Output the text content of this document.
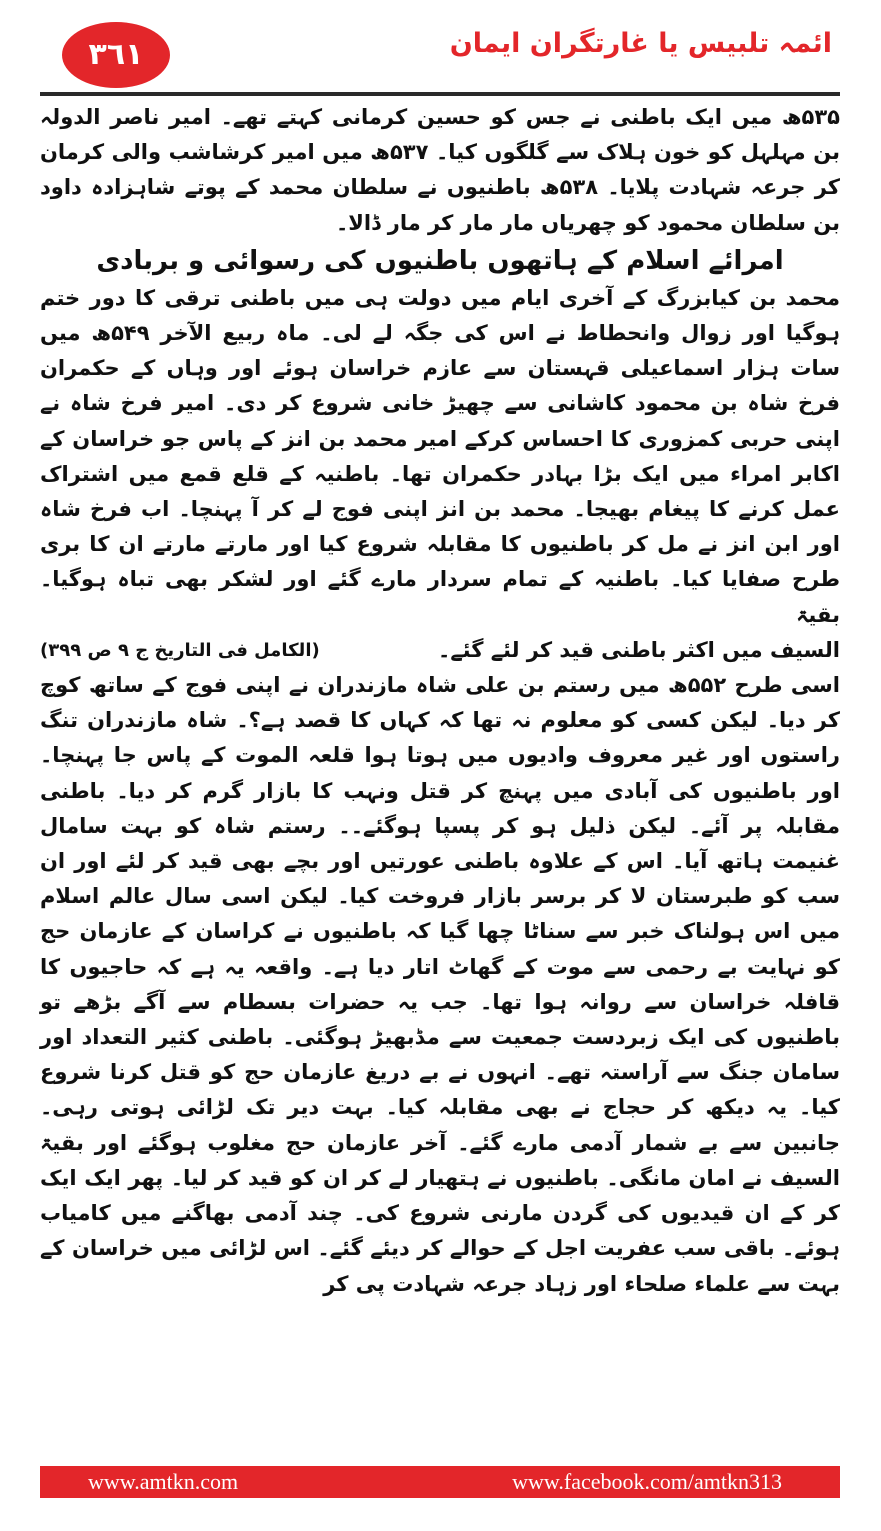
٣٦١	ائمہ تلبیس یا غارتگران ایمان

۵۳۵ھ میں ایک باطنی نے جس کو حسین کرمانی کہتے تھے۔ امیر ناصر الدولہ بن مہلہل کو خون ہلاک سے گلگوں کیا۔ ۵۳۷ھ میں امیر کرشاشب والی کرمان کر جرعہ شہادت پلایا۔ ۵۳۸ھ باطنیوں نے سلطان محمد کے پوتے شاہزادہ داود بن سلطان محمود کو چھریاں مار مار کر مار ڈالا۔

امرائے اسلام کے ہاتھوں باطنیوں کی رسوائی و بربادی

محمد بن کیابزرگ کے آخری ایام میں دولت ہی میں باطنی ترقی کا دور ختم ہوگیا اور زوال وانحطاط نے اس کی جگہ لے لی۔ ماہ ربیع الآخر ۵۴۹ھ میں سات ہزار اسماعیلی قہستان سے عازم خراسان ہوئے اور وہاں کے حکمران فرخ شاہ بن محمود کاشانی سے چھیڑ خانی شروع کر دی۔ امیر فرخ شاہ نے اپنی حربی کمزوری کا احساس کرکے امیر محمد بن انز کے پاس جو خراسان کے اکابر امراء میں ایک بڑا بہادر حکمران تھا۔ باطنیہ کے قلع قمع میں اشتراک عمل کرنے کا پیغام بھیجا۔ محمد بن انز اپنی فوج لے کر آ پہنچا۔ اب فرخ شاہ اور ابن انز نے مل کر باطنیوں کا مقابلہ شروع کیا اور مارتے مارتے ان کا بری طرح صفایا کیا۔ باطنیہ کے تمام سردار مارے گئے اور لشکر بھی تباہ ہوگیا۔ بقیۃ

السیف میں اکثر باطنی قید کر لئے گئے۔
(الکامل فی التاریخ ج ۹ ص ۳۹۹)

اسی طرح ۵۵۲ھ میں رستم بن علی شاہ مازندران نے اپنی فوج کے ساتھ کوچ کر دیا۔ لیکن کسی کو معلوم نہ تھا کہ کہاں کا قصد ہے؟۔ شاہ مازندران تنگ راستوں اور غیر معروف وادیوں میں ہوتا ہوا قلعہ الموت کے پاس جا پہنچا۔ اور باطنیوں کی آبادی میں پہنچ کر قتل ونہب کا بازار گرم کر دیا۔ باطنی مقابلہ پر آئے۔ لیکن ذلیل ہو کر پسپا ہوگئے۔۔ رستم شاہ کو بہت سامال غنیمت ہاتھ آیا۔ اس کے علاوہ باطنی عورتیں اور بچے بھی قید کر لئے اور ان سب کو طبرستان لا کر برسر بازار فروخت کیا۔ لیکن اسی سال عالم اسلام میں اس ہولناک خبر سے سناٹا چھا گیا کہ باطنیوں نے کراسان کے عازمان حج کو نہایت بے رحمی سے موت کے گھاٹ اتار دیا ہے۔ واقعہ یہ ہے کہ حاجیوں کا قافلہ خراسان سے روانہ ہوا تھا۔ جب یہ حضرات بسطام سے آگے بڑھے تو باطنیوں کی ایک زبردست جمعیت سے مڈبھیڑ ہوگئی۔ باطنی کثیر التعداد اور سامان جنگ سے آراستہ تھے۔ انہوں نے بے دریغ عازمان حج کو قتل کرنا شروع کیا۔ یہ دیکھ کر حجاج نے بھی مقابلہ کیا۔ بہت دیر تک لڑائی ہوتی رہی۔ جانبین سے بے شمار آدمی مارے گئے۔ آخر عازمان حج مغلوب ہوگئے اور بقیۃ السیف نے امان مانگی۔ باطنیوں نے ہتھیار لے کر ان کو قید کر لیا۔ پھر ایک ایک کر کے ان قیدیوں کی گردن مارنی شروع کی۔ چند آدمی بھاگنے میں کامیاب ہوئے۔ باقی سب عفریت اجل کے حوالے کر دیئے گئے۔ اس لڑائی میں خراسان کے بہت سے علماء صلحاء اور زہاد جرعہ شہادت پی کر

www.amtkn.com	www.facebook.com/amtkn313
